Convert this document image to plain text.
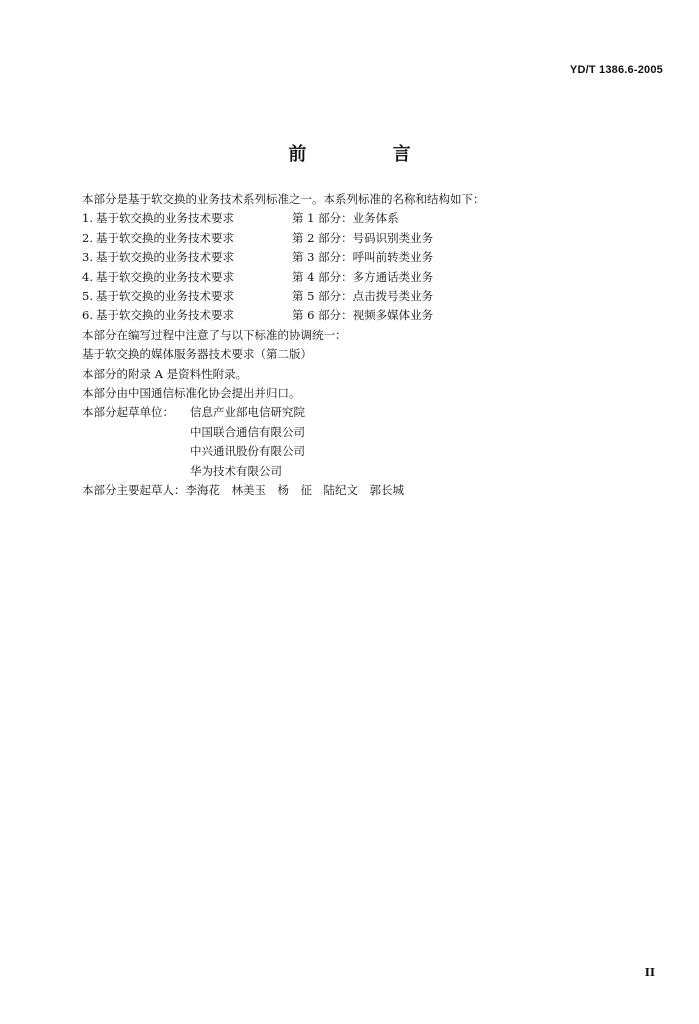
YD/T 1386.6-2005
前 言
本部分是基于软交换的业务技术系列标准之一。本系列标准的名称和结构如下：
1. 基于软交换的业务技术要求	第 1 部分：业务体系
2. 基于软交换的业务技术要求	第 2 部分：号码识别类业务
3. 基于软交换的业务技术要求	第 3 部分：呼叫前转类业务
4. 基于软交换的业务技术要求	第 4 部分：多方通话类业务
5. 基于软交换的业务技术要求	第 5 部分：点击拨号类业务
6. 基于软交换的业务技术要求	第 6 部分：视频多媒体业务
本部分在编写过程中注意了与以下标准的协调统一：
基于软交换的媒体服务器技术要求（第二版）
本部分的附录 A 是资料性附录。
本部分由中国通信标准化协会提出并归口。
本部分起草单位：	信息产业部电信研究院
中国联合通信有限公司
中兴通讯股份有限公司
华为技术有限公司
本部分主要起草人：李海花　林美玉　杨　征　陆纪文　郭长城
II
